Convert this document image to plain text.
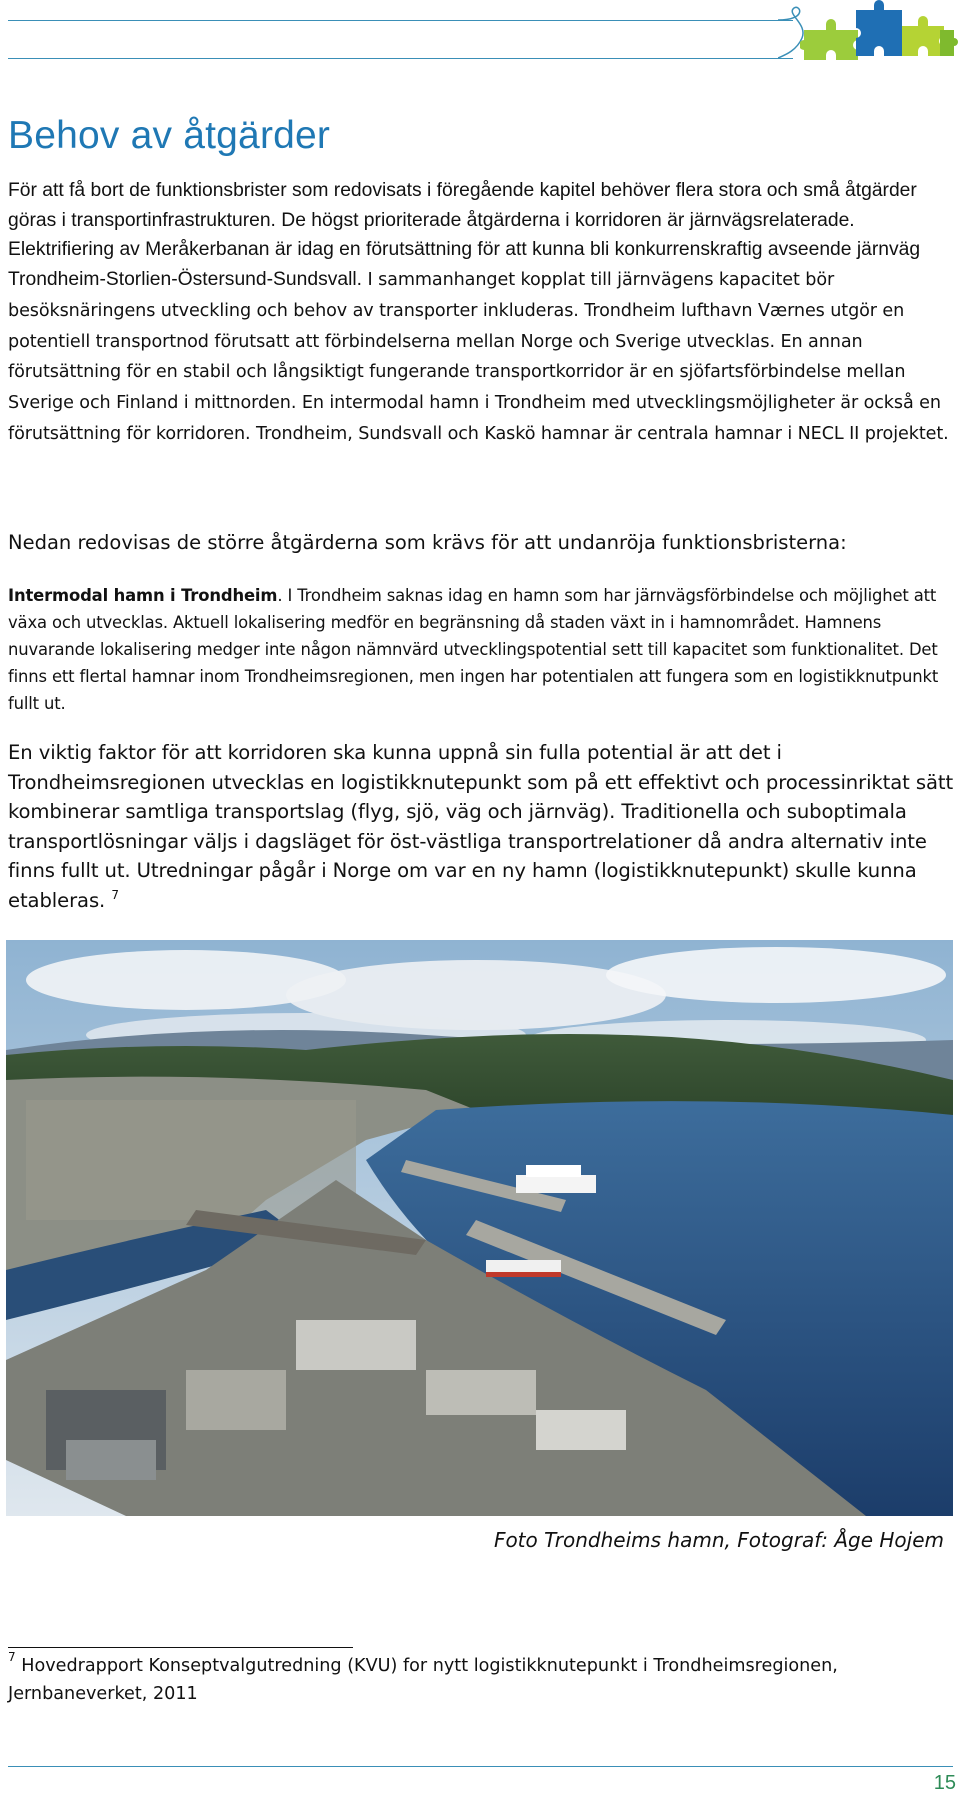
Behov av åtgärder

För att få bort de funktionsbrister som redovisats i föregående kapitel behöver flera stora och små åtgärder göras i transportinfrastrukturen. De högst prioriterade åtgärderna i korridoren är järnvägsrelaterade. Elektrifiering av Meråkerbanan är idag en förutsättning för att kunna bli konkurrenskraftig avseende järnväg Trondheim-Storlien-Östersund-Sundsvall. I sammanhanget kopplat till järnvägens kapacitet bör besöksnäringens utveckling och behov av transporter inkluderas. Trondheim lufthavn Værnes utgör en potentiell transportnod förutsatt att förbindelserna mellan Norge och Sverige utvecklas. En annan förutsättning för en stabil och långsiktigt fungerande transportkorridor är en sjöfartsförbindelse mellan Sverige och Finland i mittnorden. En intermodal hamn i Trondheim med utvecklingsmöjligheter är också en förutsättning för korridoren. Trondheim, Sundsvall och Kaskö hamnar är centrala hamnar i NECL II projektet.

Nedan redovisas de större åtgärderna som krävs för att undanröja funktionsbristerna:

Intermodal hamn i Trondheim. I Trondheim saknas idag en hamn som har järnvägsförbindelse och möjlighet att växa och utvecklas. Aktuell lokalisering medför en begränsning då staden växt in i hamnområdet. Hamnens nuvarande lokalisering medger inte någon nämnvärd utvecklingspotential sett till kapacitet som funktionalitet. Det finns ett flertal hamnar inom Trondheimsregionen, men ingen har potentialen att fungera som en logistikknutpunkt fullt ut.

En viktig faktor för att korridoren ska kunna uppnå sin fulla potential är att det i Trondheimsregionen utvecklas en logistikknutepunkt som på ett effektivt och processinriktat sätt kombinerar samtliga transportslag (flyg, sjö, väg och järnväg). Traditionella och suboptimala transportlösningar väljs i dagsläget för öst-västliga transportrelationer då andra alternativ inte finns fullt ut. Utredningar pågår i Norge om var en ny hamn (logistikknutepunkt) skulle kunna etableras. $^7$

Foto Trondheims hamn, Fotograf: Åge Hojem

$^7$ Hovedrapport Konseptvalgutredning (KVU) for nytt logistikknutepunkt i Trondheimsregionen, Jernbaneverket, 2011

15
